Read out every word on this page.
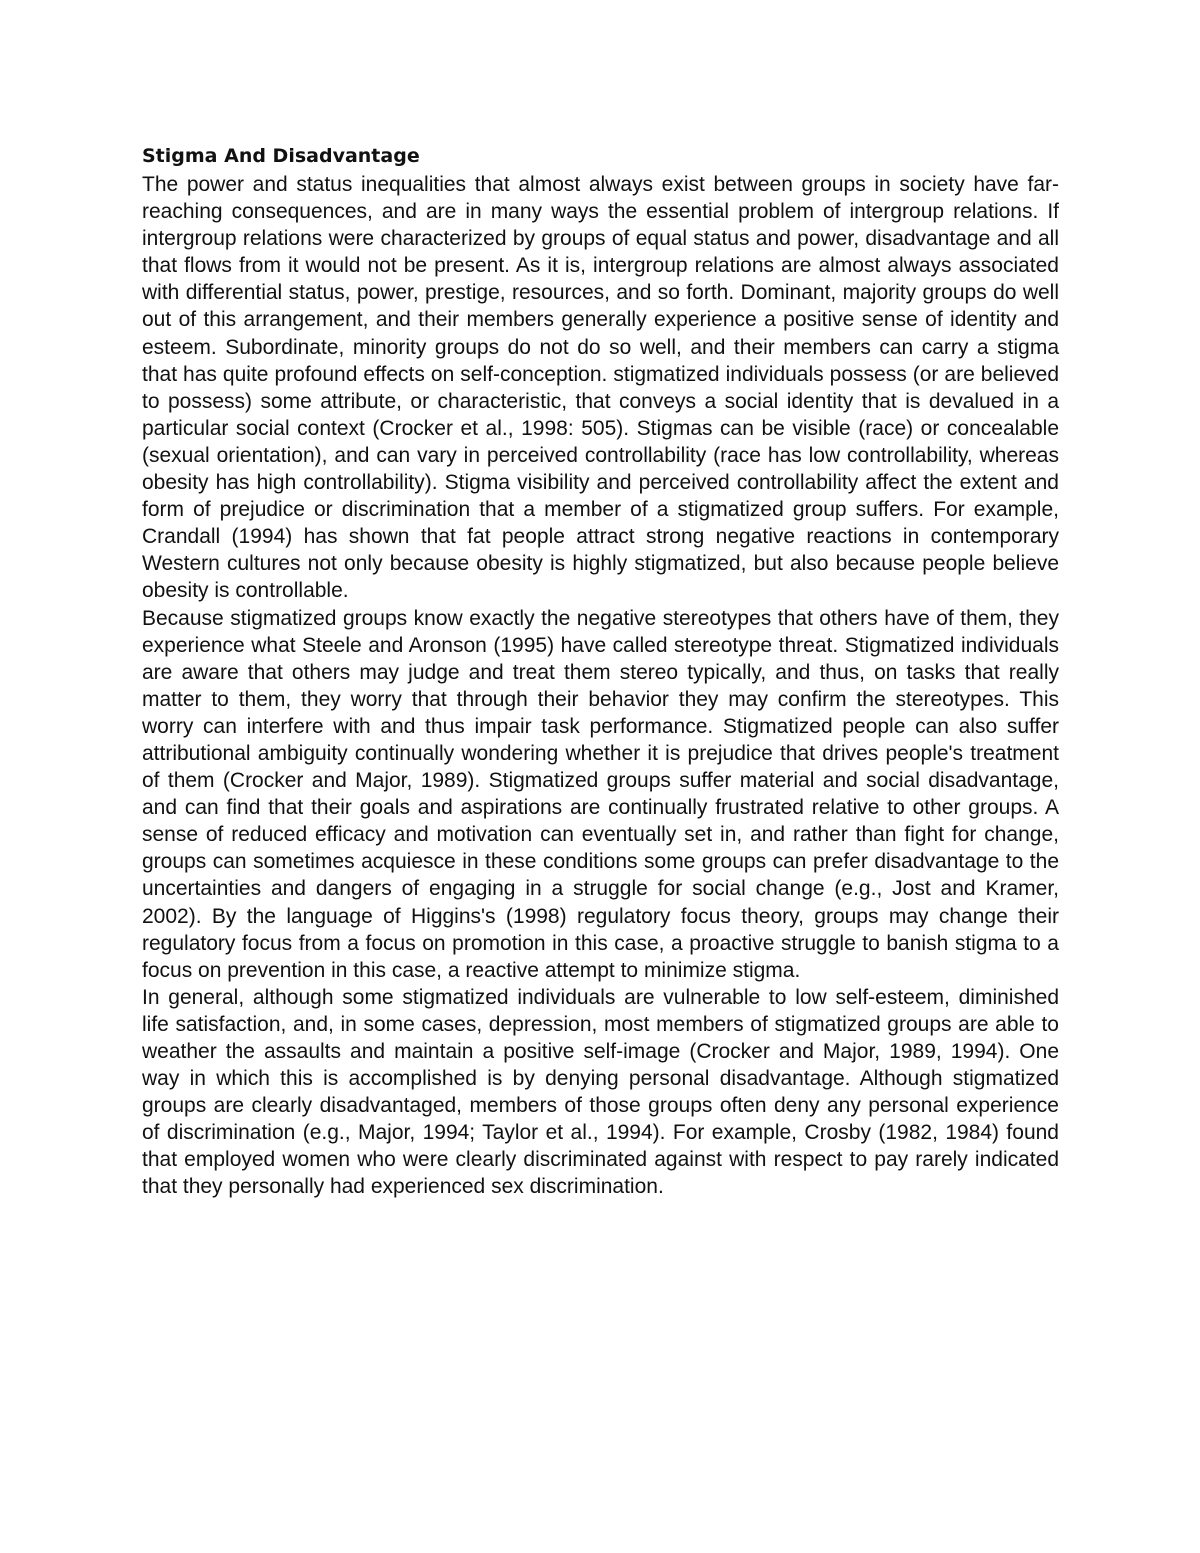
Stigma And Disadvantage

The power and status inequalities that almost always exist between groups in society have far-reaching consequences, and are in many ways the essential problem of intergroup relations. If intergroup relations were characterized by groups of equal status and power, disadvantage and all that flows from it would not be present. As it is, intergroup relations are almost always associated with differential status, power, prestige, resources, and so forth. Dominant, majority groups do well out of this arrangement, and their members generally experience a positive sense of identity and esteem. Subordinate, minority groups do not do so well, and their members can carry a stigma that has quite profound effects on self-conception. stigmatized individuals possess (or are believed to possess) some attribute, or characteristic, that conveys a social identity that is devalued in a particular social context (Crocker et al., 1998: 505). Stigmas can be visible (race) or concealable (sexual orientation), and can vary in perceived controllability (race has low controllability, whereas obesity has high controllability). Stigma visibility and perceived controllability affect the extent and form of prejudice or discrimination that a member of a stigmatized group suffers. For example, Crandall (1994) has shown that fat people attract strong negative reactions in contemporary Western cultures not only because obesity is highly stigmatized, but also because people believe obesity is controllable.

Because stigmatized groups know exactly the negative stereotypes that others have of them, they experience what Steele and Aronson (1995) have called stereotype threat. Stigmatized individuals are aware that others may judge and treat them stereo typically, and thus, on tasks that really matter to them, they worry that through their behavior they may confirm the stereotypes. This worry can interfere with and thus impair task performance. Stigmatized people can also suffer attributional ambiguity continually wondering whether it is prejudice that drives people's treatment of them (Crocker and Major, 1989). Stigmatized groups suffer material and social disadvantage, and can find that their goals and aspirations are continually frustrated relative to other groups. A sense of reduced efficacy and motivation can eventually set in, and rather than fight for change, groups can sometimes acquiesce in these conditions some groups can prefer disadvantage to the uncertainties and dangers of engaging in a struggle for social change (e.g., Jost and Kramer, 2002). By the language of Higgins's (1998) regulatory focus theory, groups may change their regulatory focus from a focus on promotion in this case, a proactive struggle to banish stigma to a focus on prevention in this case, a reactive attempt to minimize stigma.

In general, although some stigmatized individuals are vulnerable to low self-esteem, diminished life satisfaction, and, in some cases, depression, most members of stigmatized groups are able to weather the assaults and maintain a positive self-image (Crocker and Major, 1989, 1994). One way in which this is accomplished is by denying personal disadvantage. Although stigmatized groups are clearly disadvantaged, members of those groups often deny any personal experience of discrimination (e.g., Major, 1994; Taylor et al., 1994). For example, Crosby (1982, 1984) found that employed women who were clearly discriminated against with respect to pay rarely indicated that they personally had experienced sex discrimination.
